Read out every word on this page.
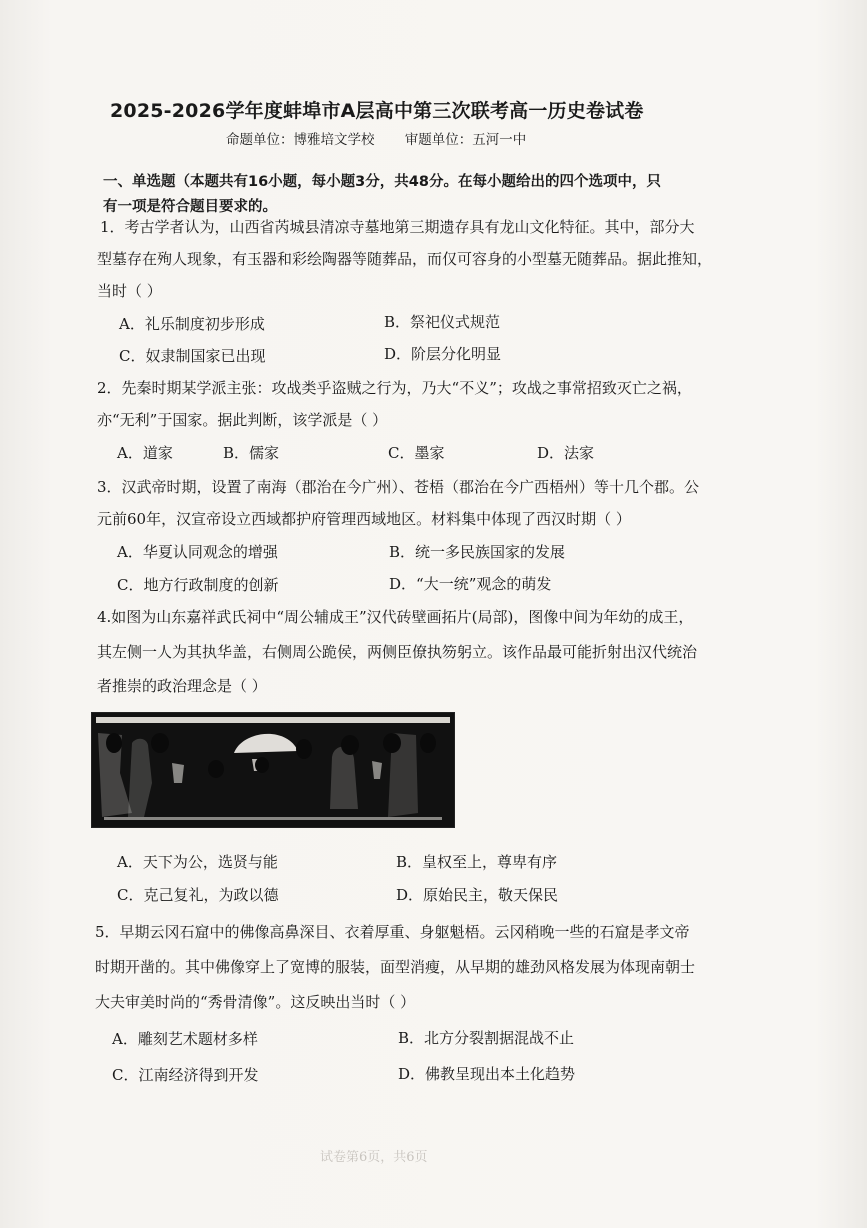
2025-2026学年度蚌埠市A层高中第三次联考高一历史卷试卷
命题单位：博雅培文学校 审题单位：五河一中
一、单选题（本题共有16小题，每小题3分，共48分。在每小题给出的四个选项中，只
有一项是符合题目要求的。
1．考古学者认为，山西省芮城县清凉寺墓地第三期遗存具有龙山文化特征。其中，部分大
型墓存在殉人现象，有玉器和彩绘陶器等随葬品，而仅可容身的小型墓无随葬品。据此推知，
当时（ ）
A．礼乐制度初步形成	B．祭祀仪式规范
C．奴隶制国家已出现	D．阶层分化明显
2．先秦时期某学派主张：攻战类乎盗贼之行为，乃大“不义”；攻战之事常招致灭亡之祸，
亦“无利”于国家。据此判断，该学派是（ ）
A．道家	B．儒家	C．墨家	D．法家
3．汉武帝时期，设置了南海（郡治在今广州）、苍梧（郡治在今广西梧州）等十几个郡。公
元前60年，汉宣帝设立西域都护府管理西域地区。材料集中体现了西汉时期（ ）
A．华夏认同观念的增强	B．统一多民族国家的发展
C．地方行政制度的创新	D．“大一统”观念的萌发
4.如图为山东嘉祥武氏祠中“周公辅成王”汉代砖壁画拓片(局部)，图像中间为年幼的成王，
其左侧一人为其执华盖，右侧周公跪侯，两侧臣僚执笏躬立。该作品最可能折射出汉代统治
者推崇的政治理念是（ ）
A．天下为公，选贤与能	B．皇权至上，尊卑有序
C．克己复礼，为政以德	D．原始民主，敬天保民
5．早期云冈石窟中的佛像高鼻深目、衣着厚重、身躯魁梧。云冈稍晚一些的石窟是孝文帝
时期开凿的。其中佛像穿上了宽博的服装，面型消瘦，从早期的雄劲风格发展为体现南朝士
大夫审美时尚的“秀骨清像”。这反映出当时（ ）
A．雕刻艺术题材多样	B．北方分裂割据混战不止
C．江南经济得到开发	D．佛教呈现出本土化趋势
试卷第6页，共6页
